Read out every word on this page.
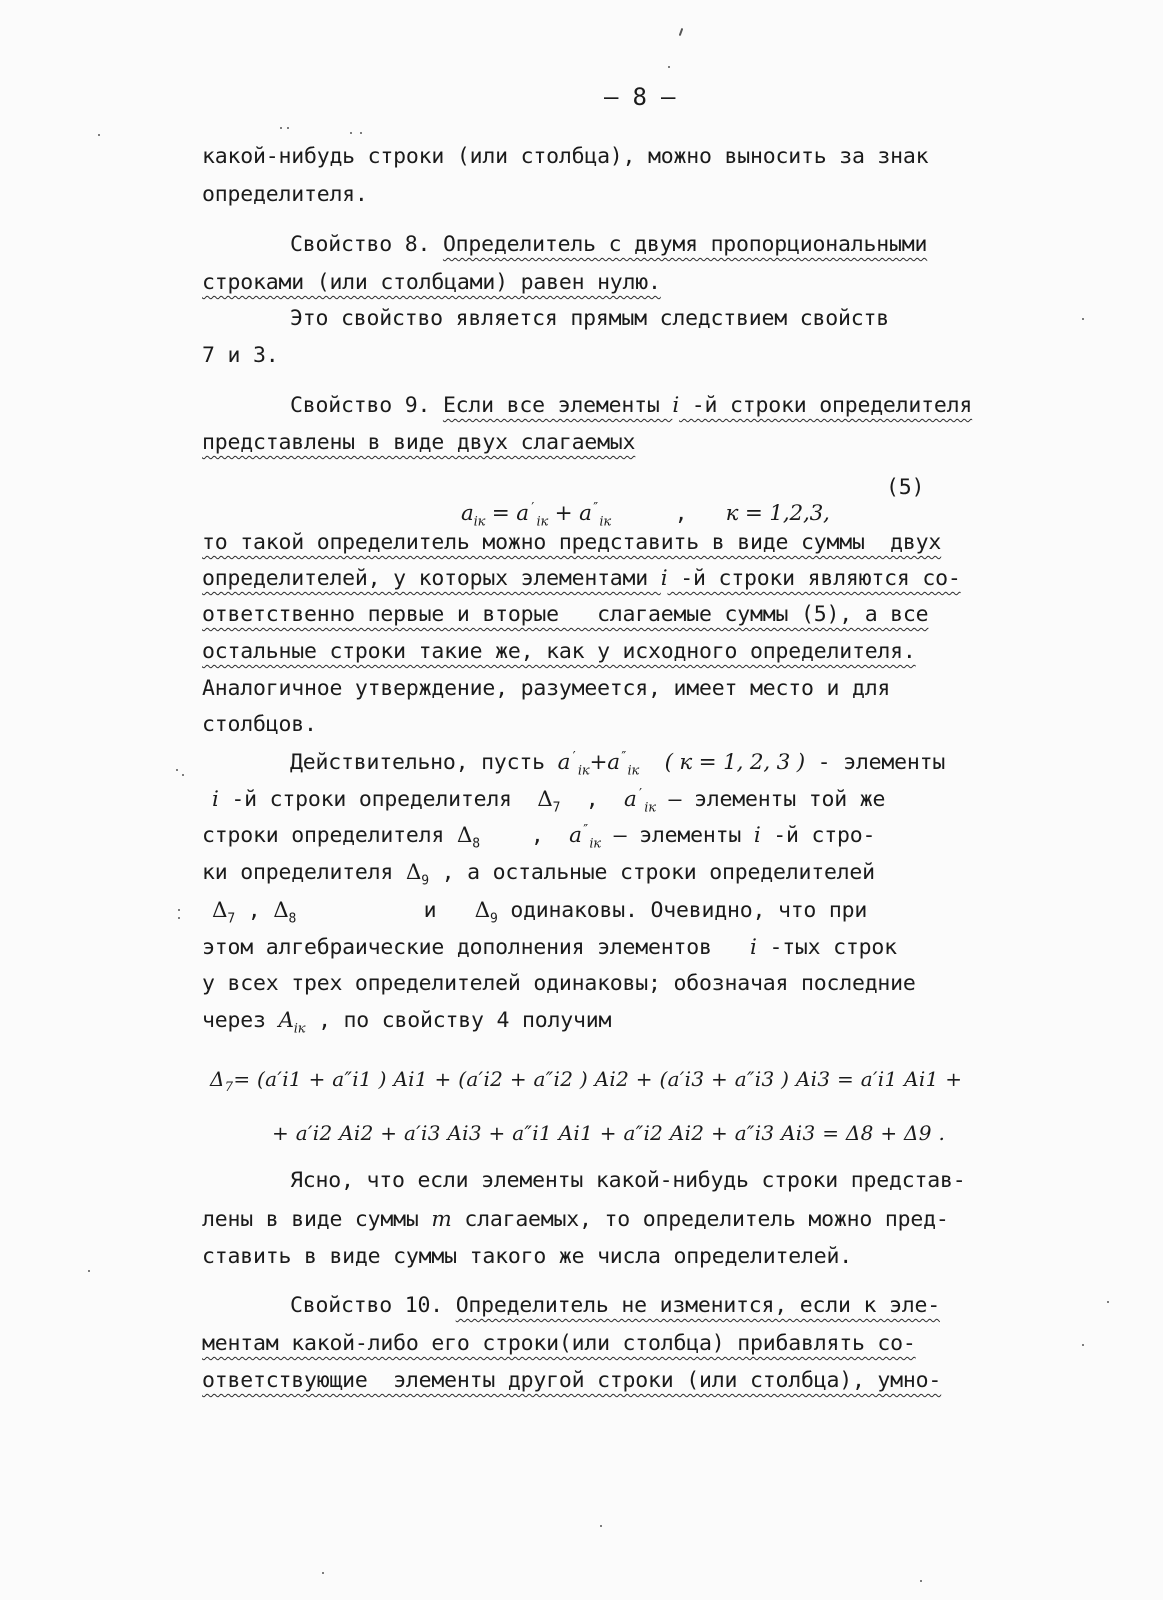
– 8 –
какой-нибудь строки (или столбца), можно выносить за знак
определителя.
Свойство 8. Определитель с двумя пропорциональными
строками (или столбцами) равен нулю.
Это свойство является прямым следствием свойств
7 и 3.
Свойство 9. Если все элементы i -й строки определителя
представлены в виде двух слагаемых

$a_{iк} = a'_{iк} + a''_{iк}$     ,   к = 1,2,3,

(5)
то такой определитель можно представить в виде суммы  двух
определителей, у которых элементами i -й строки являются со-
ответственно первые и вторые   слагаемые суммы (5), а все
остальные строки такие же, как у исходного определителя.
Аналогичное утверждение, разумеется, имеет место и для
столбцов.
Действительно, пусть $a'_{iк}+a''_{iк}$ ( к = 1, 2, 3 ) - элементы
i -й строки определителя  $\Delta_7$  ,  $a'_{iк}$ – элементы той же
строки определителя $\Delta_8$    ,  $a''_{iк}$ – элементы i -й стро-
ки определителя $\Delta_9$ , а остальные строки определителей
$\Delta_7$ , $\Delta_8$	и $\Delta_9$ одинаковы. Очевидно, что при
этом алгебраические дополнения элементов   i -тых строк
у всех трех определителей одинаковы; обозначая последние
через $A_{iк}$ , по свойству 4 получим
$\Delta_7= (a'i1 + a''i1$ ) Ai1 + (a′i2 + a″i2 ) Ai2 + (a′i3 + a″i3 ) Ai3 = a′i1 Ai1 +
+ a′i2 Ai2 + a′i3 Ai3 + a″i1 Ai1 + a″i2 Ai2 + a″i3 Ai3 = Δ8 + Δ9 .
Ясно, что если элементы какой-нибудь строки представ-
лены в виде суммы m слагаемых, то определитель можно пред-
ставить в виде суммы такого же числа определителей.
Свойство 10. Определитель не изменится, если к эле-
ментам какой-либо его строки(или столбца) прибавлять со-
ответствующие  элементы другой строки (или столбца), умно-
